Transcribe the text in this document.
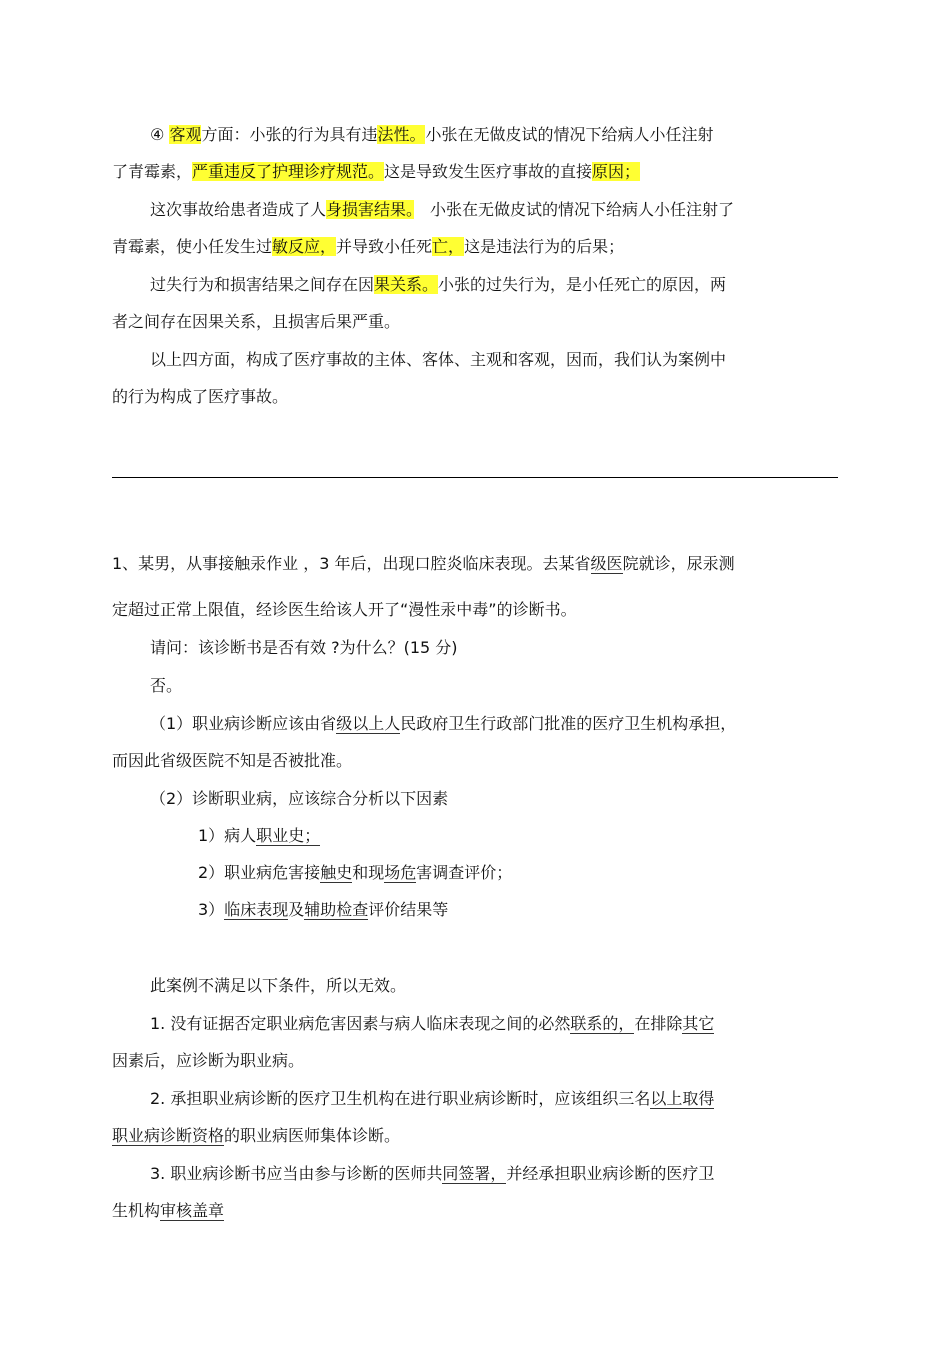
④ 客观方面：小张的行为具有违法性。小张在无做皮试的情况下给病人小任注射
了青霉素，严重违反了护理诊疗规范。这是导致发生医疗事故的直接原因；
这次事故给患者造成了人身损害结果。　小张在无做皮试的情况下给病人小任注射了
青霉素，使小任发生过敏反应，并导致小任死亡，这是违法行为的后果；
过失行为和损害结果之间存在因果关系。小张的过失行为，是小任死亡的原因，两
者之间存在因果关系，且损害后果严重。
以上四方面，构成了医疗事故的主体、客体、主观和客观，因而，我们认为案例中
的行为构成了医疗事故。
1、某男，从事接触汞作业 ，3 年后，出现口腔炎临床表现。去某省级医院就诊，尿汞测
定超过正常上限值，经诊医生给该人开了“漫性汞中毒”的诊断书。
请问：该诊断书是否有效 ?为什么？(15 分)
否。
（1）职业病诊断应该由省级以上人民政府卫生行政部门批准的医疗卫生机构承担，
而因此省级医院不知是否被批准。
（2）诊断职业病，应该综合分析以下因素
1）病人职业史；
2）职业病危害接触史和现场危害调查评价；
3）临床表现及辅助检查评价结果等
此案例不满足以下条件，所以无效。
1. 没有证据否定职业病危害因素与病人临床表现之间的必然联系的，在排除其它
因素后，应诊断为职业病。
2. 承担职业病诊断的医疗卫生机构在进行职业病诊断时，应该组织三名以上取得
职业病诊断资格的职业病医师集体诊断。
3. 职业病诊断书应当由参与诊断的医师共同签署，并经承担职业病诊断的医疗卫
生机构审核盖章
